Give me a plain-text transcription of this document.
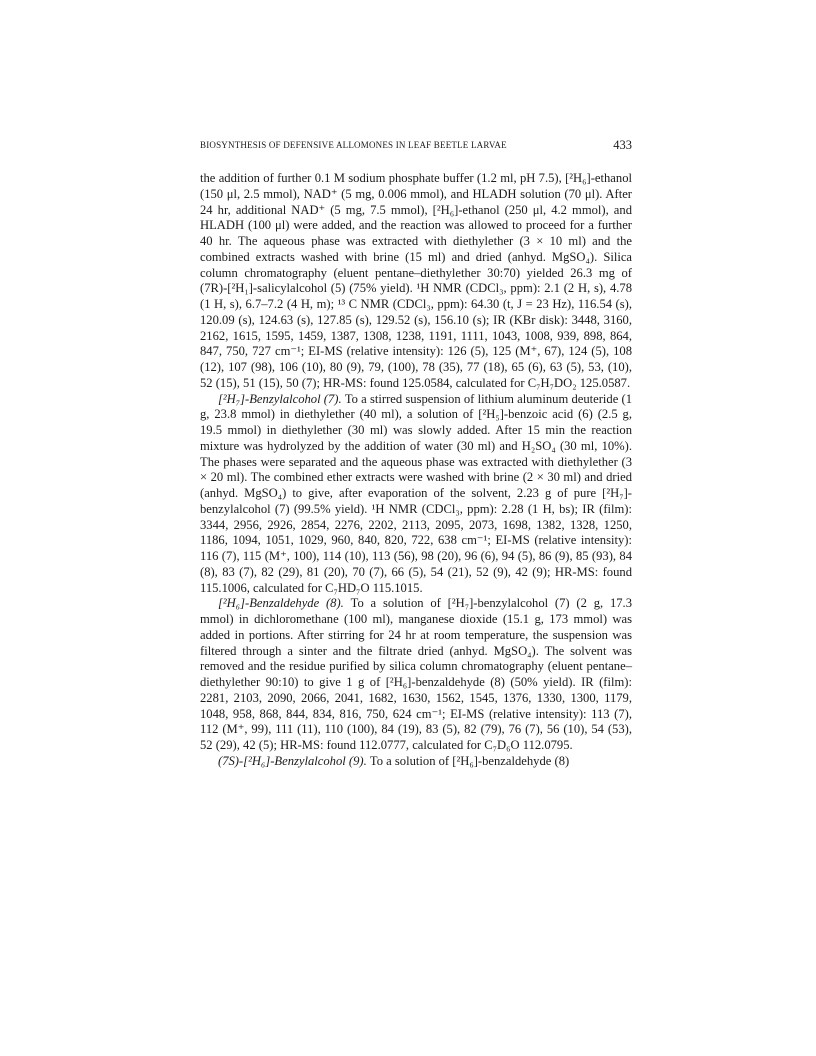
BIOSYNTHESIS OF DEFENSIVE ALLOMONES IN LEAF BEETLE LARVAE	433

the addition of further 0.1 M sodium phosphate buffer (1.2 ml, pH 7.5), [²H₆]-ethanol (150 μl, 2.5 mmol), NAD⁺ (5 mg, 0.006 mmol), and HLADH solution (70 μl). After 24 hr, additional NAD⁺ (5 mg, 7.5 mmol), [²H₆]-ethanol (250 μl, 4.2 mmol), and HLADH (100 μl) were added, and the reaction was allowed to proceed for a further 40 hr. The aqueous phase was extracted with diethylether (3 × 10 ml) and the combined extracts washed with brine (15 ml) and dried (anhyd. MgSO₄). Silica column chromatography (eluent pentane–diethylether 30:70) yielded 26.3 mg of (7R)-[²H₁]-salicylalcohol (5) (75% yield). ¹H NMR (CDCl₃, ppm): 2.1 (2 H, s), 4.78 (1 H, s), 6.7–7.2 (4 H, m); ¹³ C NMR (CDCl₃, ppm): 64.30 (t, J = 23 Hz), 116.54 (s), 120.09 (s), 124.63 (s), 127.85 (s), 129.52 (s), 156.10 (s); IR (KBr disk): 3448, 3160, 2162, 1615, 1595, 1459, 1387, 1308, 1238, 1191, 1111, 1043, 1008, 939, 898, 864, 847, 750, 727 cm⁻¹; EI-MS (relative intensity): 126 (5), 125 (M⁺, 67), 124 (5), 108 (12), 107 (98), 106 (10), 80 (9), 79, (100), 78 (35), 77 (18), 65 (6), 63 (5), 53, (10), 52 (15), 51 (15), 50 (7); HR-MS: found 125.0584, calculated for C₇H₇DO₂ 125.0587.

[²H₇]-Benzylalcohol (7). To a stirred suspension of lithium aluminum deuteride (1 g, 23.8 mmol) in diethylether (40 ml), a solution of [²H₅]-benzoic acid (6) (2.5 g, 19.5 mmol) in diethylether (30 ml) was slowly added. After 15 min the reaction mixture was hydrolyzed by the addition of water (30 ml) and H₂SO₄ (30 ml, 10%). The phases were separated and the aqueous phase was extracted with diethylether (3 × 20 ml). The combined ether extracts were washed with brine (2 × 30 ml) and dried (anhyd. MgSO₄) to give, after evaporation of the solvent, 2.23 g of pure [²H₇]-benzylalcohol (7) (99.5% yield). ¹H NMR (CDCl₃, ppm): 2.28 (1 H, bs); IR (film): 3344, 2956, 2926, 2854, 2276, 2202, 2113, 2095, 2073, 1698, 1382, 1328, 1250, 1186, 1094, 1051, 1029, 960, 840, 820, 722, 638 cm⁻¹; EI-MS (relative intensity): 116 (7), 115 (M⁺, 100), 114 (10), 113 (56), 98 (20), 96 (6), 94 (5), 86 (9), 85 (93), 84 (8), 83 (7), 82 (29), 81 (20), 70 (7), 66 (5), 54 (21), 52 (9), 42 (9); HR-MS: found 115.1006, calculated for C₇HD₇O 115.1015.

[²H₆]-Benzaldehyde (8). To a solution of [²H₇]-benzylalcohol (7) (2 g, 17.3 mmol) in dichloromethane (100 ml), manganese dioxide (15.1 g, 173 mmol) was added in portions. After stirring for 24 hr at room temperature, the suspension was filtered through a sinter and the filtrate dried (anhyd. MgSO₄). The solvent was removed and the residue purified by silica column chromatography (eluent pentane–diethylether 90:10) to give 1 g of [²H₆]-benzaldehyde (8) (50% yield). IR (film): 2281, 2103, 2090, 2066, 2041, 1682, 1630, 1562, 1545, 1376, 1330, 1300, 1179, 1048, 958, 868, 844, 834, 816, 750, 624 cm⁻¹; EI-MS (relative intensity): 113 (7), 112 (M⁺, 99), 111 (11), 110 (100), 84 (19), 83 (5), 82 (79), 76 (7), 56 (10), 54 (53), 52 (29), 42 (5); HR-MS: found 112.0777, calculated for C₇D₆O 112.0795.

(7S)-[²H₆]-Benzylalcohol (9). To a solution of [²H₆]-benzaldehyde (8)
